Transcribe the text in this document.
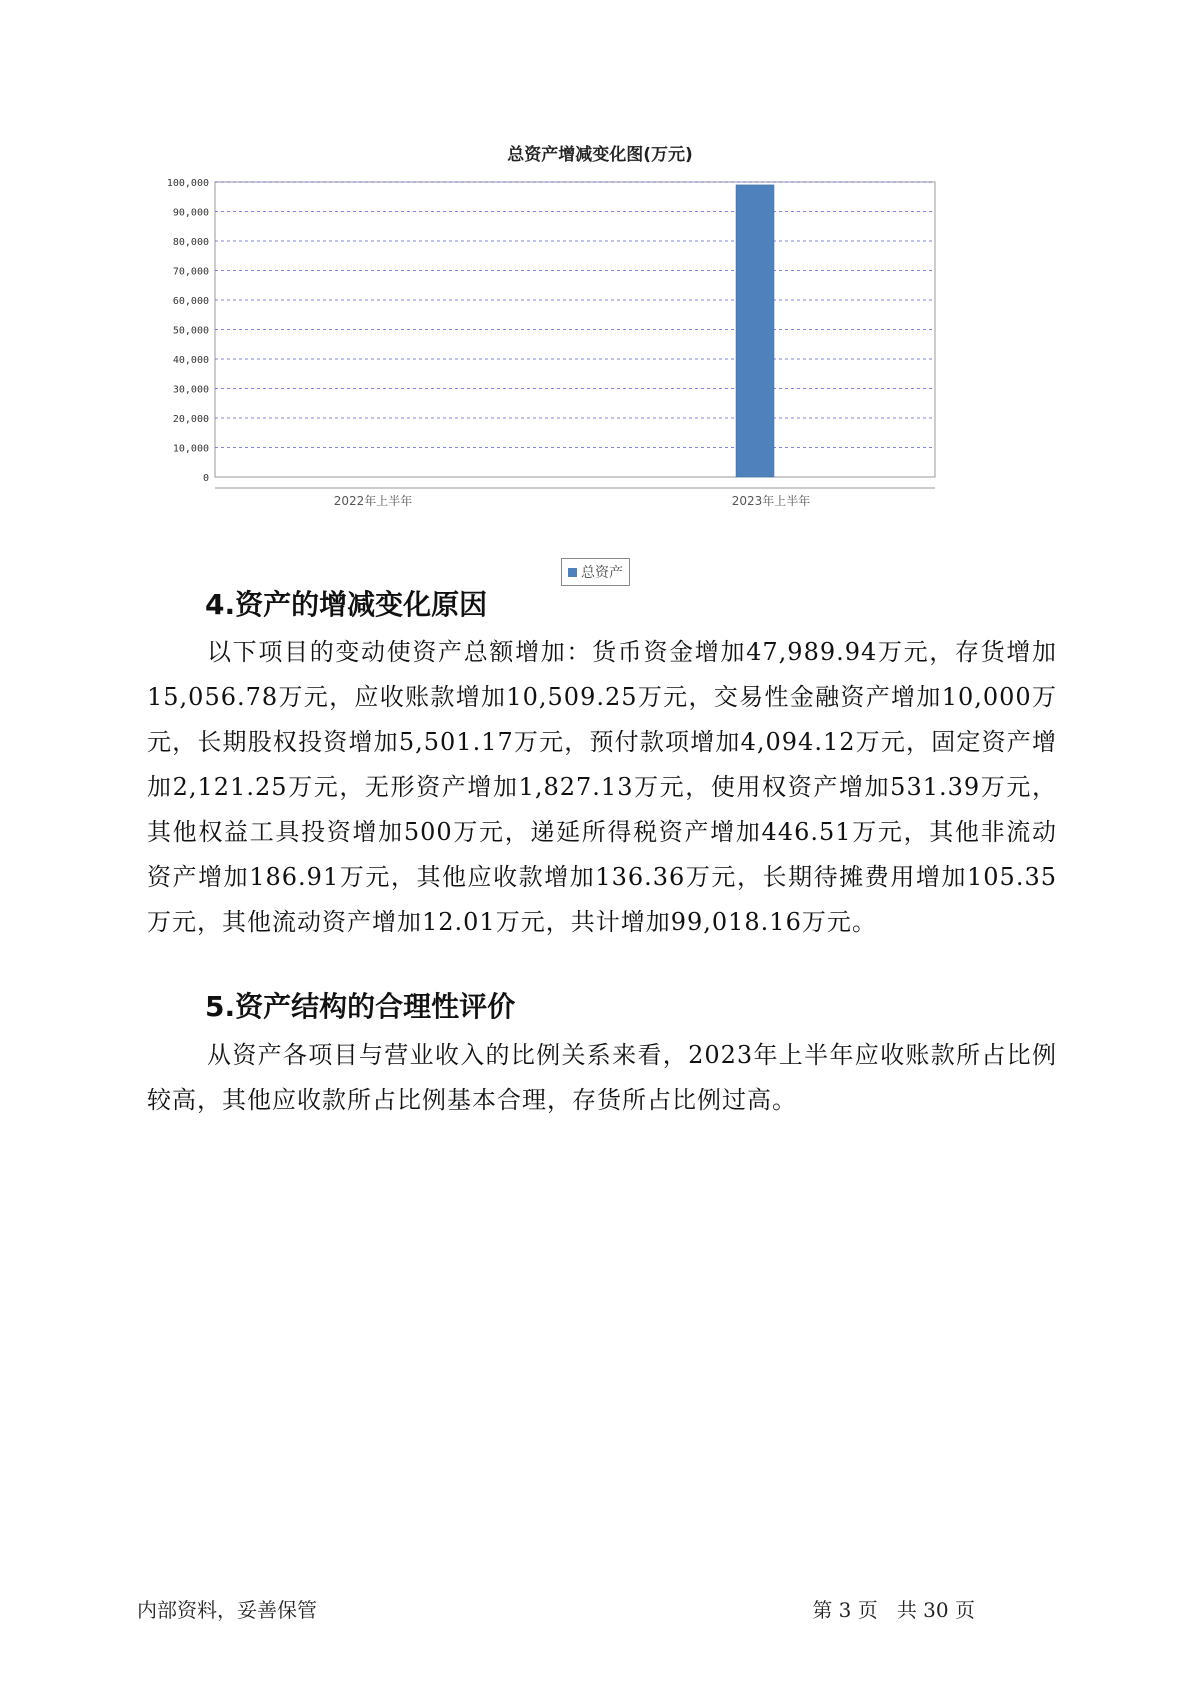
总资产增减变化图(万元)
0
10,000
20,000
30,000
40,000
50,000
60,000
70,000
80,000
90,000
100,000
2022年上半年	2023年上半年
总资产
4.资产的增减变化原因
以下项目的变动使资产总额增加：货币资金增加47,989.94万元，存货增加15,056.78万元，应收账款增加10,509.25万元，交易性金融资产增加10,000万元，长期股权投资增加5,501.17万元，预付款项增加4,094.12万元，固定资产增加2,121.25万元，无形资产增加1,827.13万元，使用权资产增加531.39万元，其他权益工具投资增加500万元，递延所得税资产增加446.51万元，其他非流动资产增加186.91万元，其他应收款增加136.36万元，长期待摊费用增加105.35万元，其他流动资产增加12.01万元，共计增加99,018.16万元。
5.资产结构的合理性评价
从资产各项目与营业收入的比例关系来看，2023年上半年应收账款所占比例较高，其他应收款所占比例基本合理，存货所占比例过高。
内部资料，妥善保管	第 3 页   共 30 页
